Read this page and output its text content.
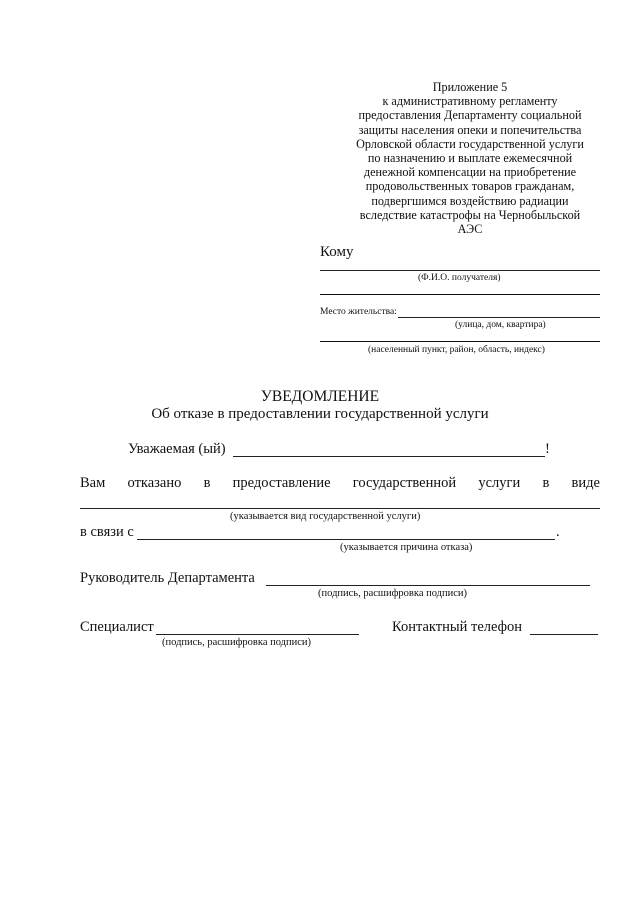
Приложение 5
к административному регламенту
предоставления Департаменту социальной
защиты населения опеки и попечительства
Орловской области государственной услуги
по назначению и выплате ежемесячной
денежной компенсации на приобретение
продовольственных товаров гражданам,
подвергшимся воздействию радиации
вследствие катастрофы на Чернобыльской
АЭС
Кому
(Ф.И.О. получателя)
Место жительства:
(улица, дом, квартира)
(населенный пункт, район, область, индекс)
УВЕДОМЛЕНИЕ
Об отказе в предоставлении государственной услуги
Уважаемая (ый)	!
Вам отказано в предоставление государственной услуги в виде
(указывается вид государственной услуги)
в связи с	.
(указывается причина отказа)
Руководитель Департамента
(подпись, расшифровка подписи)
Специалист
(подпись, расшифровка подписи)
Контактный телефон
